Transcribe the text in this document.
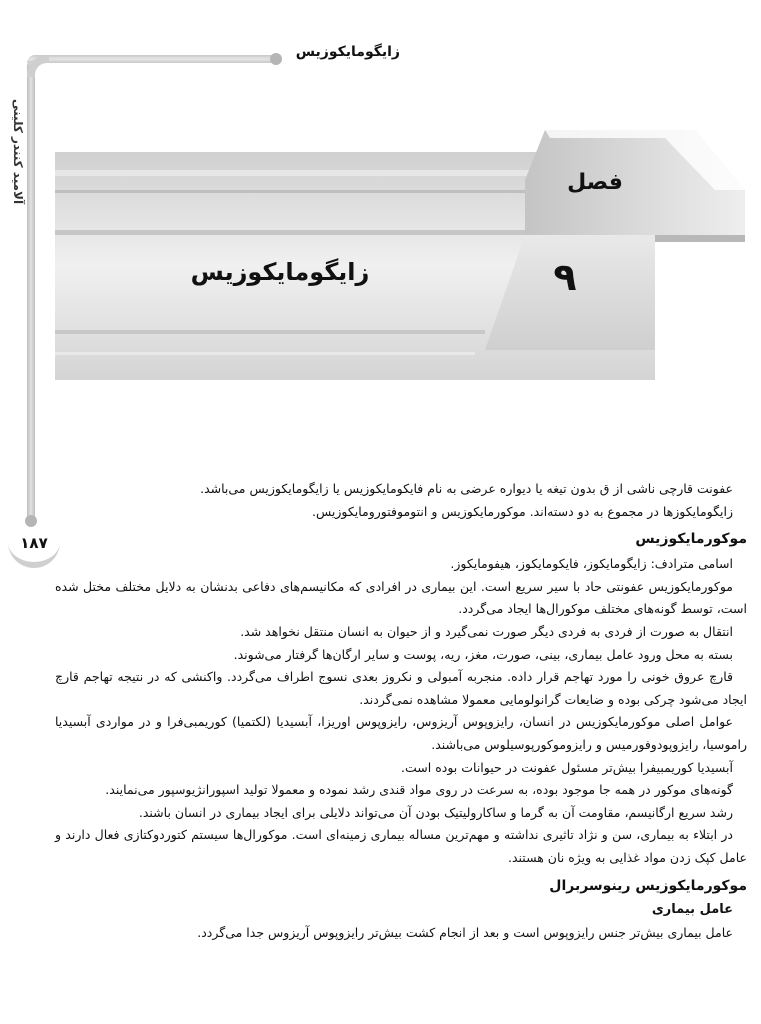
زایگومایکوزیس
آلامید کنندر کلینی
۱۸۷
فصل
۹
زایگومایکوزیس

عفونت قارچی ناشی از ق بدون تیغه یا دیواره عرضی به نام فایکومایکوزیس یا زایگومایکوزیس می‌باشد.

زایگومایکوزها در مجموع به دو دسته‌اند. موکورمایکوزیس و انتوموفتورومایکوزیس.

موکورمایکوزیس

اسامی مترادف: زایگومایکوز، فایکومایکوز، هیفومایکوز.

موکورمایکوزیس عفونتی حاد با سیر سریع است. این بیماری در افرادی که مکانیسم‌های دفاعی بدنشان به دلایل مختلف مختل شده است، توسط گونه‌های مختلف موکورال‌ها ایجاد می‌گردد.

انتقال به صورت از فردی به فردی دیگر صورت نمی‌گیرد و از حیوان به انسان منتقل نخواهد شد.

بسته به محل ورود عامل بیماری، بینی، صورت، مغز، ریه، پوست و سایر ارگان‌ها گرفتار می‌شوند.

قارچ عروق خونی را مورد تهاجم قرار داده. منجربه آمبولی و نکروز بعدی نسوج اطراف می‌گردد. واکنشی که در نتیجه تهاجم قارچ ایجاد می‌شود چرکی بوده و ضایعات گرانولومایی معمولا مشاهده نمی‌گردند.

عوامل اصلی موکورمایکوزیس در انسان، رایزوپوس آریزوس، رایزوپوس اوریزا، آبسیدیا (لکتمیا) کوریمبی‌فرا و در مواردی آبسیدیا راموسیا، رایزوپودوفورمیس و رایزوموکورپوسیلوس می‌باشند.

آبسیدیا کوریمبیفرا بیش‌تر مسئول عفونت در حیوانات بوده است.

گونه‌های موکور در همه جا موجود بوده، به سرعت در روی مواد قندی رشد نموده و معمولا تولید اسپورانژیوسپور می‌نمایند.

رشد سریع ارگانیسم، مقاومت آن به گرما و ساکارولیتیک بودن آن می‌تواند دلایلی برای ایجاد بیماری در انسان باشند.

در ابتلاء به بیماری، سن و نژاد تاثیری نداشته و مهم‌ترین مساله بیماری زمینه‌ای است. موکورال‌ها سیستم کتوردوکتازی فعال دارند و عامل کپک زدن مواد غذایی به ویژه نان هستند.

موکورمایکوزیس رینوسربرال
عامل بیماری

عامل بیماری بیش‌تر جنس رایزوپوس است و بعد از انجام کشت بیش‌تر رایزوپوس آریزوس جدا می‌گردد.
